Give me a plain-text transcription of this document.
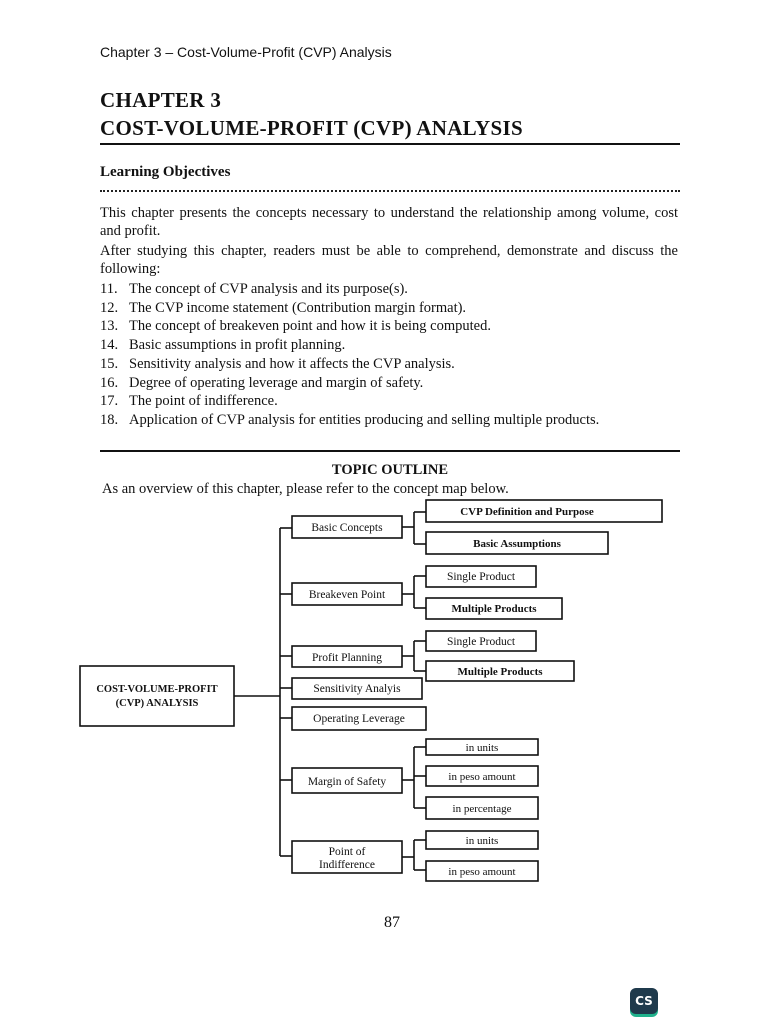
Chapter 3 – Cost-Volume-Profit (CVP) Analysis
CHAPTER 3
COST-VOLUME-PROFIT (CVP) ANALYSIS
Learning Objectives
This chapter presents the concepts necessary to understand the relationship among volume, cost and profit.
After studying this chapter, readers must be able to comprehend, demonstrate and discuss the following:
11. The concept of CVP analysis and its purpose(s).
12. The CVP income statement (Contribution margin format).
13. The concept of breakeven point and how it is being computed.
14. Basic assumptions in profit planning.
15. Sensitivity analysis and how it affects the CVP analysis.
16. Degree of operating leverage and margin of safety.
17. The point of indifference.
18. Application of CVP analysis for entities producing and selling multiple products.
TOPIC OUTLINE
As an overview of this chapter, please refer to the concept map below.
COST-VOLUME-PROFIT
(CVP) ANALYSIS
Basic Concepts
Breakeven Point
Profit Planning
Sensitivity Analyis
Operating Leverage
Margin of Safety
Point of
Indifference
CVP Definition and Purpose
Basic Assumptions
Single Product
Multiple Products
Single Product
Multiple Products
in units
in peso amount
in percentage
in units
in peso amount
87
CS
